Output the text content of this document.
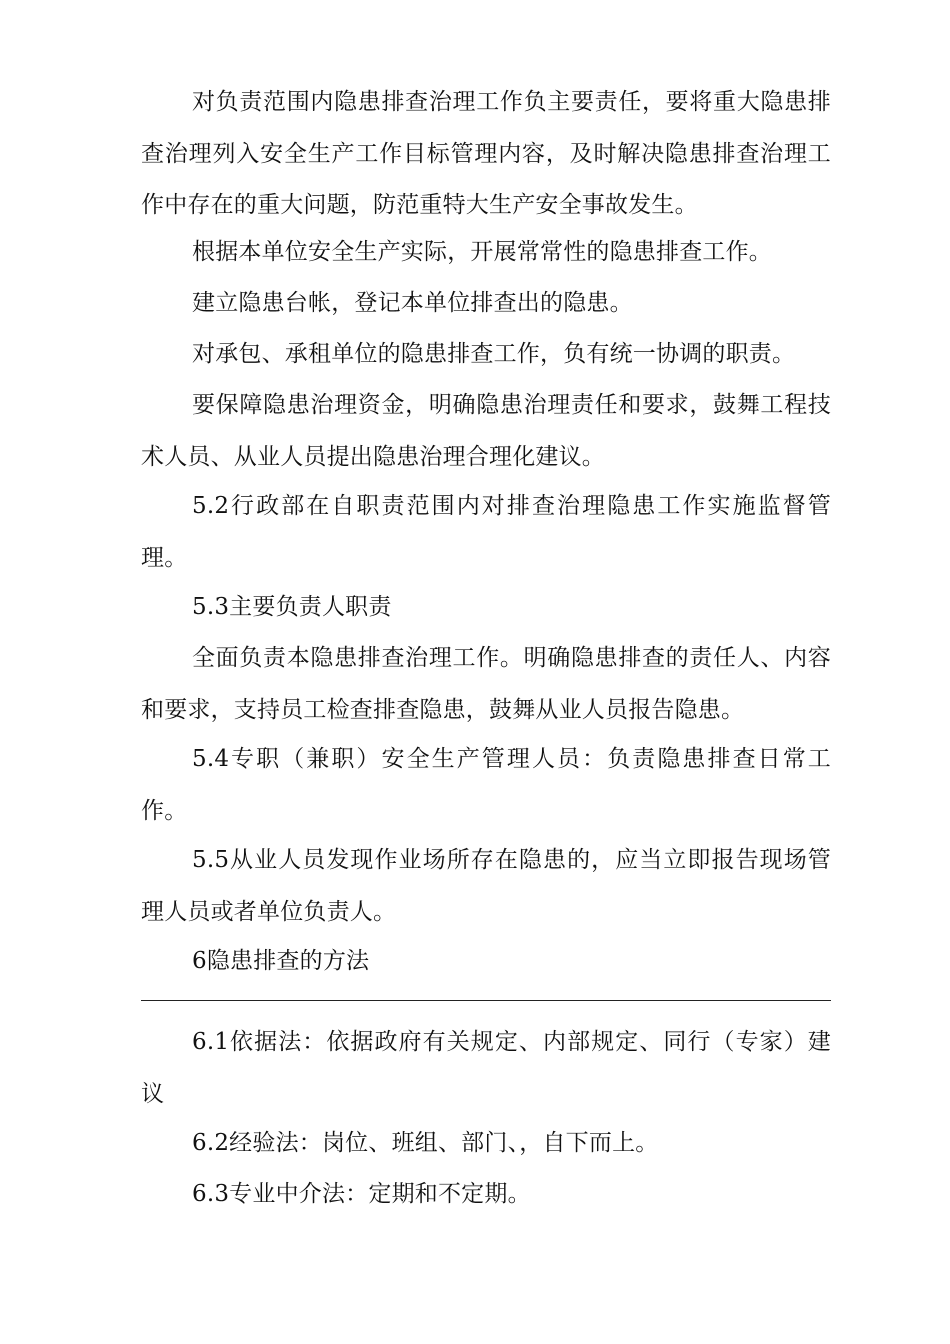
对负责范围内隐患排查治理工作负主要责任，要将重大隐患排查治理列入安全生产工作目标管理内容，及时解决隐患排查治理工作中存在的重大问题，防范重特大生产安全事故发生。

根据本单位安全生产实际，开展常常性的隐患排查工作。

建立隐患台帐，登记本单位排查出的隐患。

对承包、承租单位的隐患排查工作，负有统一协调的职责。

要保障隐患治理资金，明确隐患治理责任和要求，鼓舞工程技术人员、从业人员提出隐患治理合理化建议。

5.2行政部在自职责范围内对排查治理隐患工作实施监督管理。

5.3主要负责人职责

全面负责本隐患排查治理工作。明确隐患排查的责任人、内容和要求，支持员工检查排查隐患，鼓舞从业人员报告隐患。

5.4专职（兼职）安全生产管理人员：负责隐患排查日常工作。

5.5从业人员发现作业场所存在隐患的，应当立即报告现场管理人员或者单位负责人。

6隐患排查的方法

6.1依据法：依据政府有关规定、内部规定、同行（专家）建议

6.2经验法：岗位、班组、部门、，自下而上。

6.3专业中介法：定期和不定期。
